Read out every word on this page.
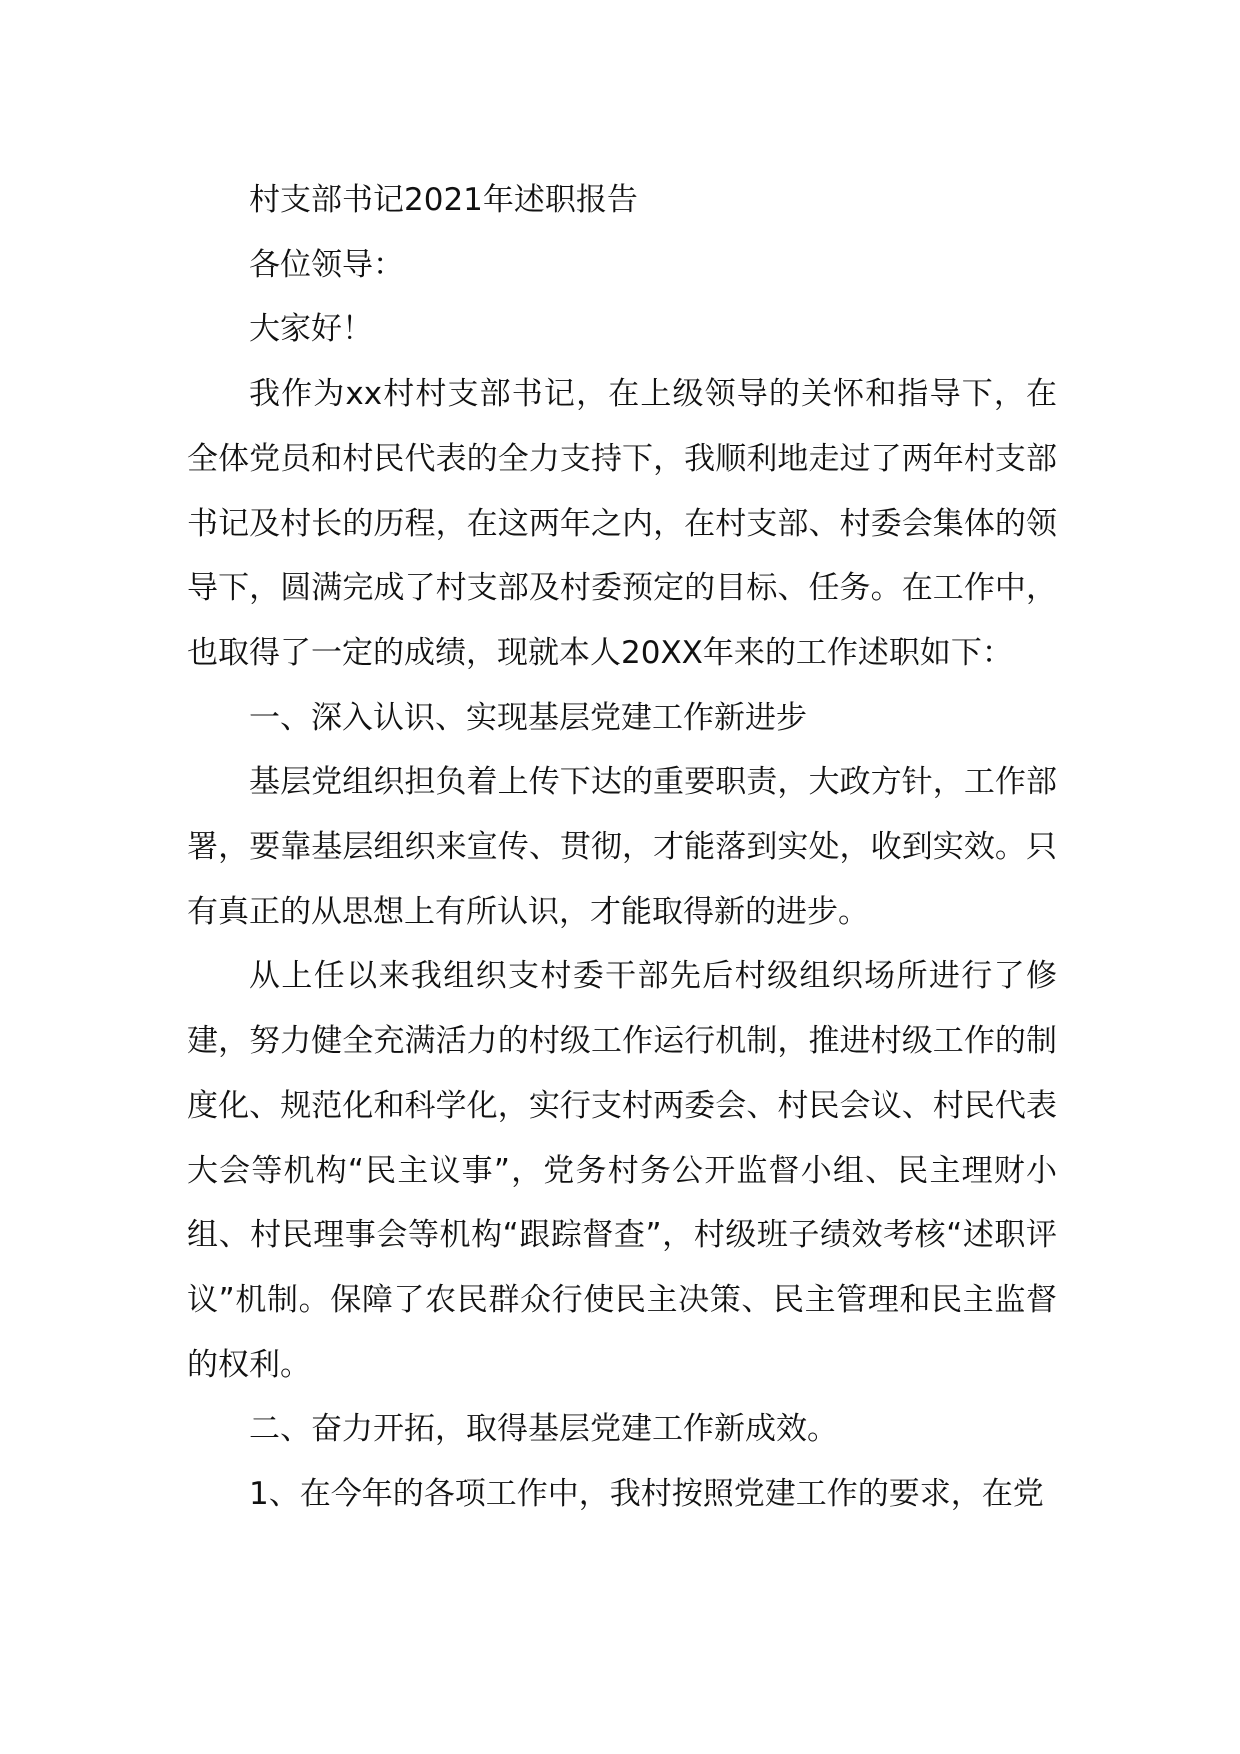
村支部书记2021年述职报告

各位领导：

大家好！

我作为xx村村支部书记，在上级领导的关怀和指导下，在全体党员和村民代表的全力支持下，我顺利地走过了两年村支部书记及村长的历程，在这两年之内，在村支部、村委会集体的领导下，圆满完成了村支部及村委预定的目标、任务。在工作中，也取得了一定的成绩，现就本人20XX年来的工作述职如下：

一、深入认识、实现基层党建工作新进步

基层党组织担负着上传下达的重要职责，大政方针，工作部署，要靠基层组织来宣传、贯彻，才能落到实处，收到实效。只有真正的从思想上有所认识，才能取得新的进步。

从上任以来我组织支村委干部先后村级组织场所进行了修建，努力健全充满活力的村级工作运行机制，推进村级工作的制度化、规范化和科学化，实行支村两委会、村民会议、村民代表大会等机构“民主议事”，党务村务公开监督小组、民主理财小组、村民理事会等机构“跟踪督查”，村级班子绩效考核“述职评议”机制。保障了农民群众行使民主决策、民主管理和民主监督的权利。

二、奋力开拓，取得基层党建工作新成效。

1、在今年的各项工作中，我村按照党建工作的要求，在党
